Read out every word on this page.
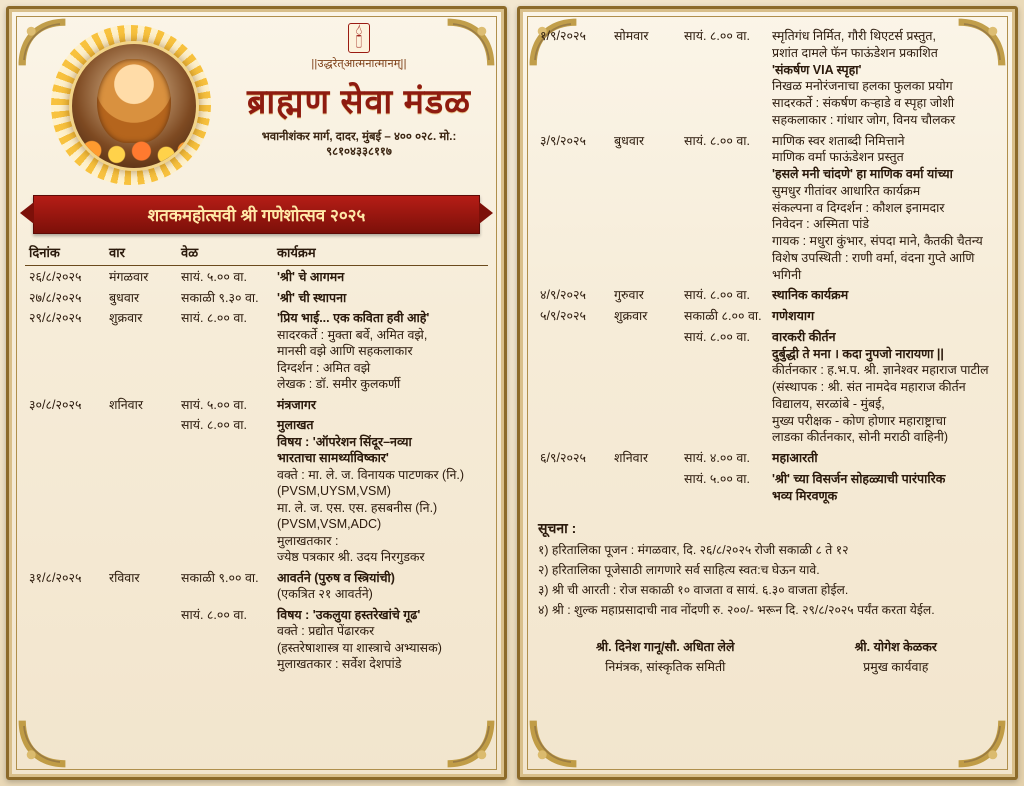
🕯
||उद्धरेत्आत्मनात्मानम्||
ब्राह्मण सेवा मंडळ
भवानीशंकर मार्ग, दादर, मुंबई – ४०० ०२८. मो.: ९८१०४३३८११७
शतकमहोत्सवी श्री गणेशोत्सव २०२५
दिनांक	वार	वेळ	कार्यक्रम
२६/८/२०२५	मंगळवार	सायं. ५.०० वा.	'श्री' चे आगमन

२७/८/२०२५	बुधवार	सकाळी ९.३० वा.	'श्री' ची स्थापना

२९/८/२०२५	शुक्रवार	सायं. ८.०० वा.	'प्रिय भाई... एक कविता हवी आहे'
सादरकर्ते : मुक्ता बर्वे, अमित वझे,
मानसी वझे आणि सहकलाकार
दिग्दर्शन : अमित वझे
लेखक : डॉ. समीर कुलकर्णी

३०/८/२०२५	शनिवार	सायं. ५.०० वा.	मंत्रजागर

		सायं. ८.०० वा.	मुलाखत
विषय : 'ऑपरेशन सिंदूर–नव्या
भारताचा सामर्थ्याविष्कार'
वक्ते : मा. ले. ज. विनायक पाटणकर (नि.)
(PVSM,UYSM,VSM)
मा. ले. ज. एस. एस. हसबनीस (नि.)
(PVSM,VSM,ADC)
मुलाखतकार :
ज्येष्ठ पत्रकार श्री. उदय निरगुडकर

३१/८/२०२५	रविवार	सकाळी ९.०० वा.	आवर्तने (पुरुष व स्त्रियांची)
(एकत्रित २१ आवर्तने)

		सायं. ८.०० वा.	विषय : 'उकलुया हस्तरेखांचे गूढ'
वक्ते : प्रद्योत पेंढारकर
(हस्तरेषाशास्त्र या शास्त्राचे अभ्यासक)
मुलाखतकार : सर्वेश देशपांडे
१/९/२०२५	सोमवार	सायं. ८.०० वा.	स्मृतिगंध निर्मित, गौरी थिएटर्स प्रस्तुत,
प्रशांत दामले फॅन फाऊंडेशन प्रकाशित
'संकर्षण VIA स्पृहा'
निखळ मनोरंजनाचा हलका फुलका प्रयोग
सादरकर्ते : संकर्षण कऱ्हाडे व स्पृहा जोशी
सहकलाकार : गांधार जोग, विनय चौलकर

३/९/२०२५	बुधवार	सायं. ८.०० वा.	माणिक स्वर शताब्दी निमित्ताने
माणिक वर्मा फाऊंडेशन प्रस्तुत
'हसले मनी चांदणे' हा माणिक वर्मा यांच्या
सुमधुर गीतांवर आधारित कार्यक्रम
संकल्पना व दिग्दर्शन : कौशल इनामदार
निवेदन : अस्मिता पांडे
गायक : मधुरा कुंभार, संपदा माने, कैतकी चैतन्य
विशेष उपस्थिती : राणी वर्मा, वंदना गुप्ते आणि
भगिनी

४/९/२०२५	गुरुवार	सायं. ८.०० वा.	स्थानिक कार्यक्रम

५/९/२०२५	शुक्रवार	सकाळी ८.०० वा.	गणेशयाग

		सायं. ८.०० वा.	वारकरी कीर्तन
दुर्बुद्धी ते मना । कदा नुपजो नारायणा ||
कीर्तनकार : ह.भ.प. श्री. ज्ञानेश्वर महाराज पाटील
(संस्थापक : श्री. संत नामदेव महाराज कीर्तन
विद्यालय, सरळांबे - मुंबई,
मुख्य परीक्षक - कोण होणार महाराष्ट्राचा
लाडका कीर्तनकार, सोनी मराठी वाहिनी)

६/९/२०२५	शनिवार	सायं. ४.०० वा.	महाआरती

		सायं. ५.०० वा.	'श्री' च्या विसर्जन सोहळ्याची पारंपारिक
भव्य मिरवणूक
सूचना :
१) हरितालिका पूजन : मंगळवार, दि. २६/८/२०२५ रोजी सकाळी ८ ते १२
२) हरितालिका पूजेसाठी लागणारे सर्व साहित्य स्वत:च घेऊन यावे.
३) श्री ची आरती : रोज सकाळी १० वाजता व सायं. ६.३० वाजता होईल.
४) श्री : शुल्क महाप्रसादाची नाव नोंदणी रु. २००/- भरून दि. २९/८/२०२५ पर्यंत करता येईल.
श्री. दिनेश गानू/सौ. अधिता लेले
निमंत्रक, सांस्कृतिक समिती
श्री. योगेश केळकर
प्रमुख कार्यवाह
